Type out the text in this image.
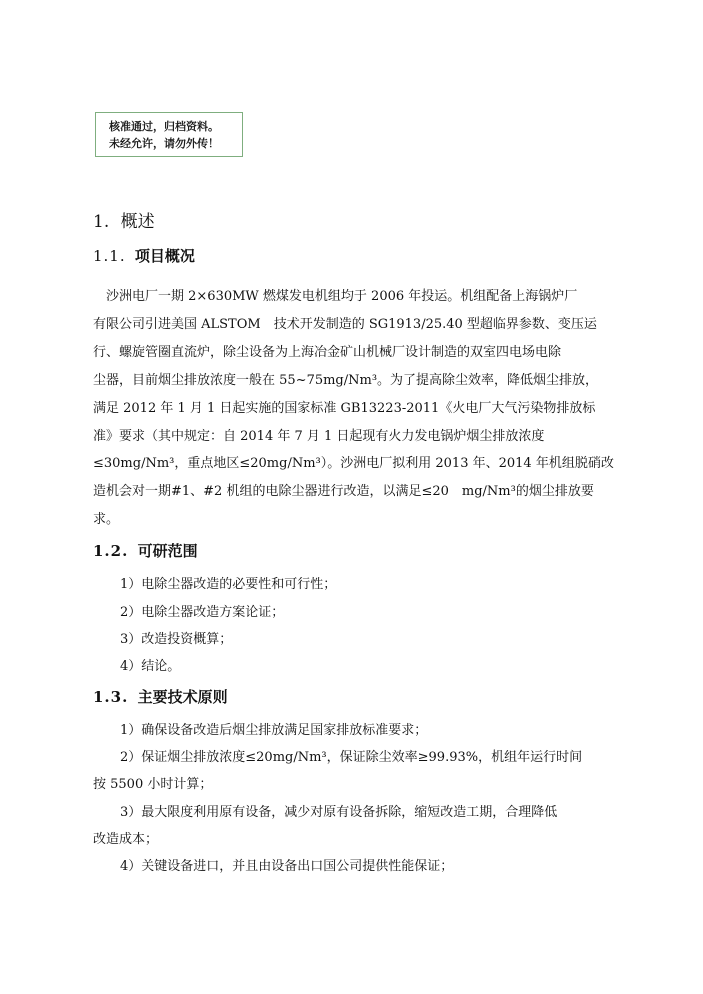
核准通过，归档资料。
未经允许，请勿外传！
1. 概述
1.1. 项目概况
　沙洲电厂一期 2×630MW 燃煤发电机组均于 2006 年投运。机组配备上海锅炉厂
有限公司引进美国 ALSTOM　技术开发制造的 SG1913/25.40 型超临界参数、变压运
行、螺旋管圈直流炉，除尘设备为上海冶金矿山机械厂设计制造的双室四电场电除
尘器，目前烟尘排放浓度一般在 55~75mg/Nm³。为了提高除尘效率，降低烟尘排放，
满足 2012 年 1 月 1 日起实施的国家标准 GB13223-2011《火电厂大气污染物排放标
准》要求（其中规定：自 2014 年 7 月 1 日起现有火力发电锅炉烟尘排放浓度
≤30mg/Nm³，重点地区≤20mg/Nm³）。沙洲电厂拟利用 2013 年、2014 年机组脱硝改
造机会对一期#1、#2 机组的电除尘器进行改造，以满足≤20　mg/Nm³的烟尘排放要
求。
1.2. 可研范围
1）电除尘器改造的必要性和可行性；
2）电除尘器改造方案论证；
3）改造投资概算；
4）结论。
1.3. 主要技术原则
1）确保设备改造后烟尘排放满足国家排放标准要求；
2）保证烟尘排放浓度≤20mg/Nm³，保证除尘效率≥99.93%，机组年运行时间
按 5500 小时计算；
3）最大限度利用原有设备，减少对原有设备拆除，缩短改造工期，合理降低
改造成本；
4）关键设备进口，并且由设备出口国公司提供性能保证；
